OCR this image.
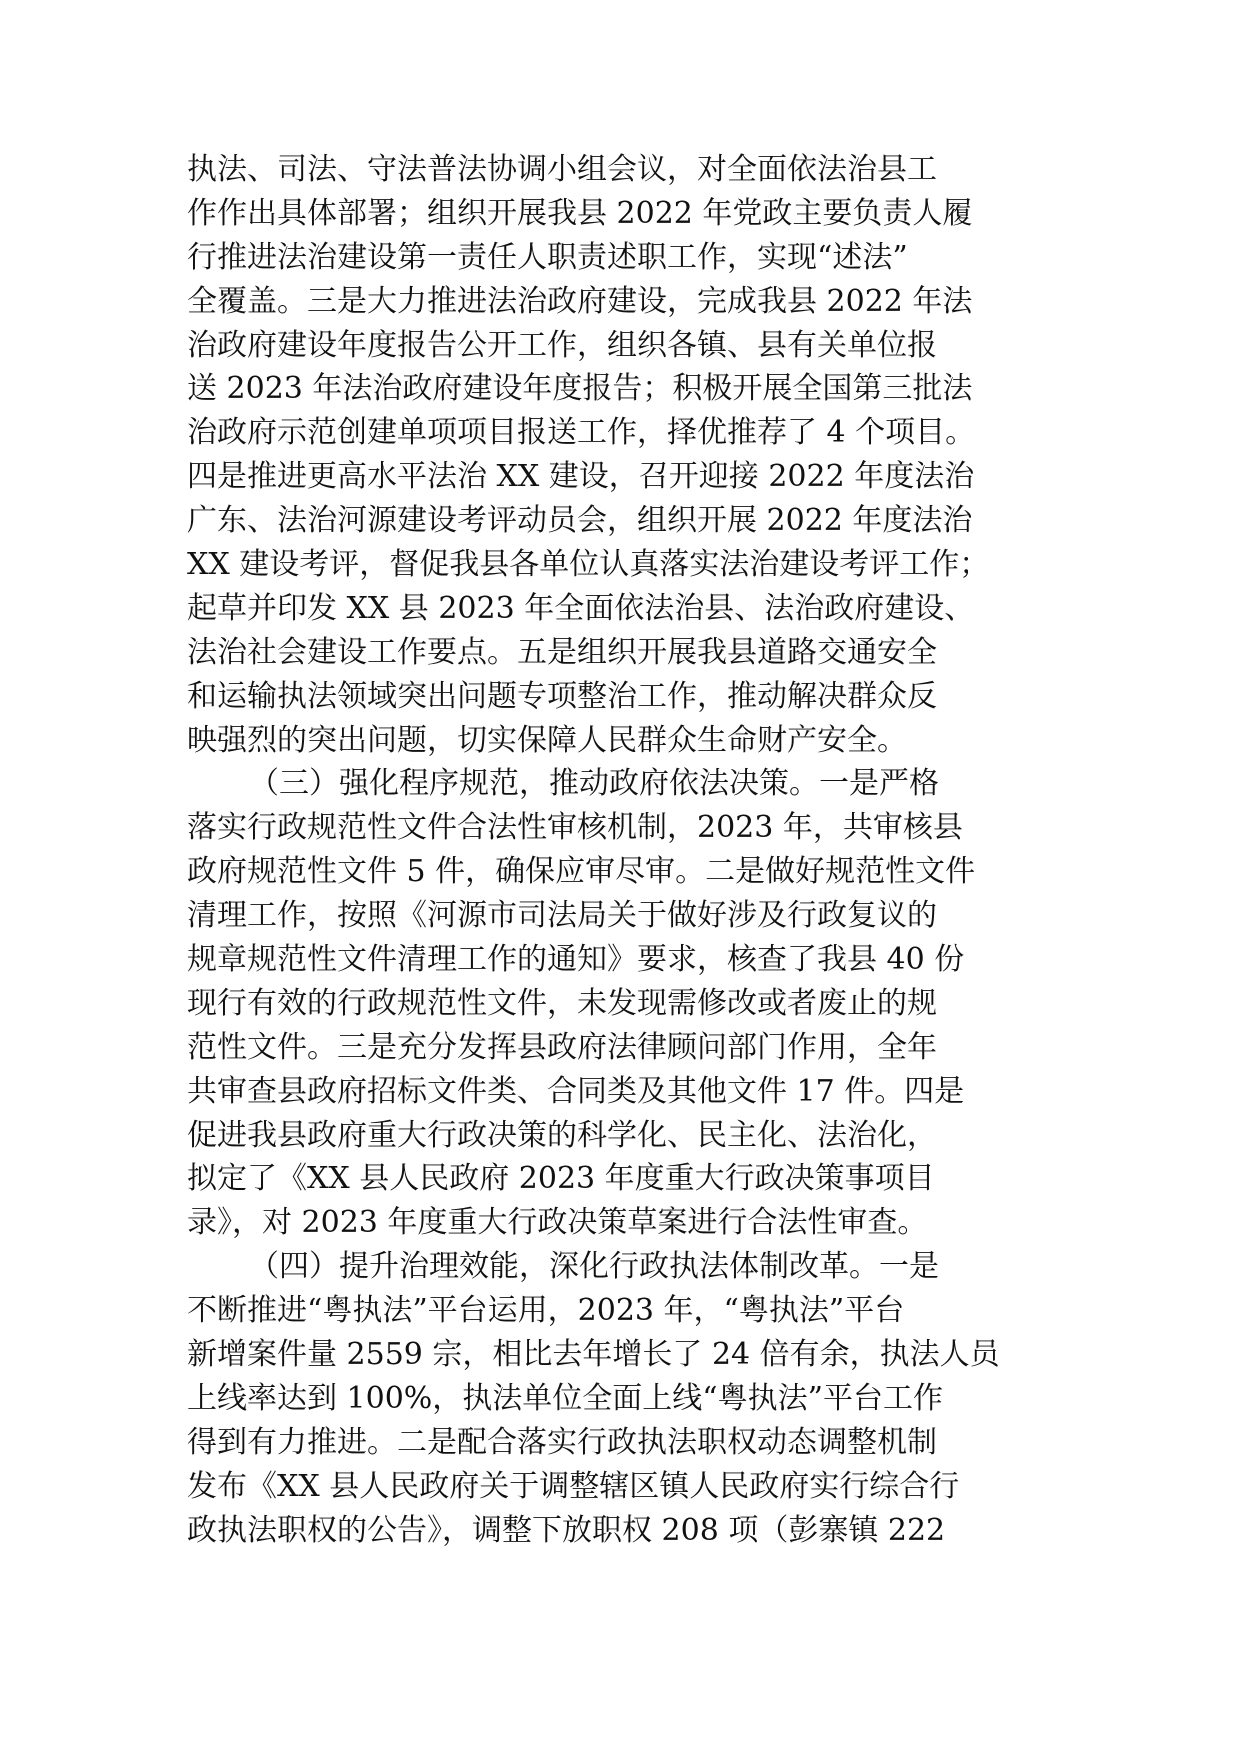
执法、司法、守法普法协调小组会议，对全面依法治县工
作作出具体部署；组织开展我县 2022 年党政主要负责人履
行推进法治建设第一责任人职责述职工作，实现“述法”
全覆盖。三是大力推进法治政府建设，完成我县 2022 年法
治政府建设年度报告公开工作，组织各镇、县有关单位报
送 2023 年法治政府建设年度报告；积极开展全国第三批法
治政府示范创建单项项目报送工作，择优推荐了 4 个项目。
四是推进更高水平法治 XX 建设，召开迎接 2022 年度法治
广东、法治河源建设考评动员会，组织开展 2022 年度法治
XX 建设考评，督促我县各单位认真落实法治建设考评工作；
起草并印发 XX 县 2023 年全面依法治县、法治政府建设、
法治社会建设工作要点。五是组织开展我县道路交通安全
和运输执法领域突出问题专项整治工作，推动解决群众反
映强烈的突出问题，切实保障人民群众生命财产安全。
（三）强化程序规范，推动政府依法决策。一是严格
落实行政规范性文件合法性审核机制，2023 年，共审核县
政府规范性文件 5 件，确保应审尽审。二是做好规范性文件
清理工作，按照《河源市司法局关于做好涉及行政复议的
规章规范性文件清理工作的通知》要求，核查了我县 40 份
现行有效的行政规范性文件，未发现需修改或者废止的规
范性文件。三是充分发挥县政府法律顾问部门作用，全年
共审查县政府招标文件类、合同类及其他文件 17 件。四是
促进我县政府重大行政决策的科学化、民主化、法治化，
拟定了《XX 县人民政府 2023 年度重大行政决策事项目
录》，对 2023 年度重大行政决策草案进行合法性审查。
（四）提升治理效能，深化行政执法体制改革。一是
不断推进“粤执法”平台运用，2023 年，“粤执法”平台
新增案件量 2559 宗，相比去年增长了 24 倍有余，执法人员
上线率达到 100%，执法单位全面上线“粤执法”平台工作
得到有力推进。二是配合落实行政执法职权动态调整机制
发布《XX 县人民政府关于调整辖区镇人民政府实行综合行
政执法职权的公告》，调整下放职权 208 项（彭寨镇 222
